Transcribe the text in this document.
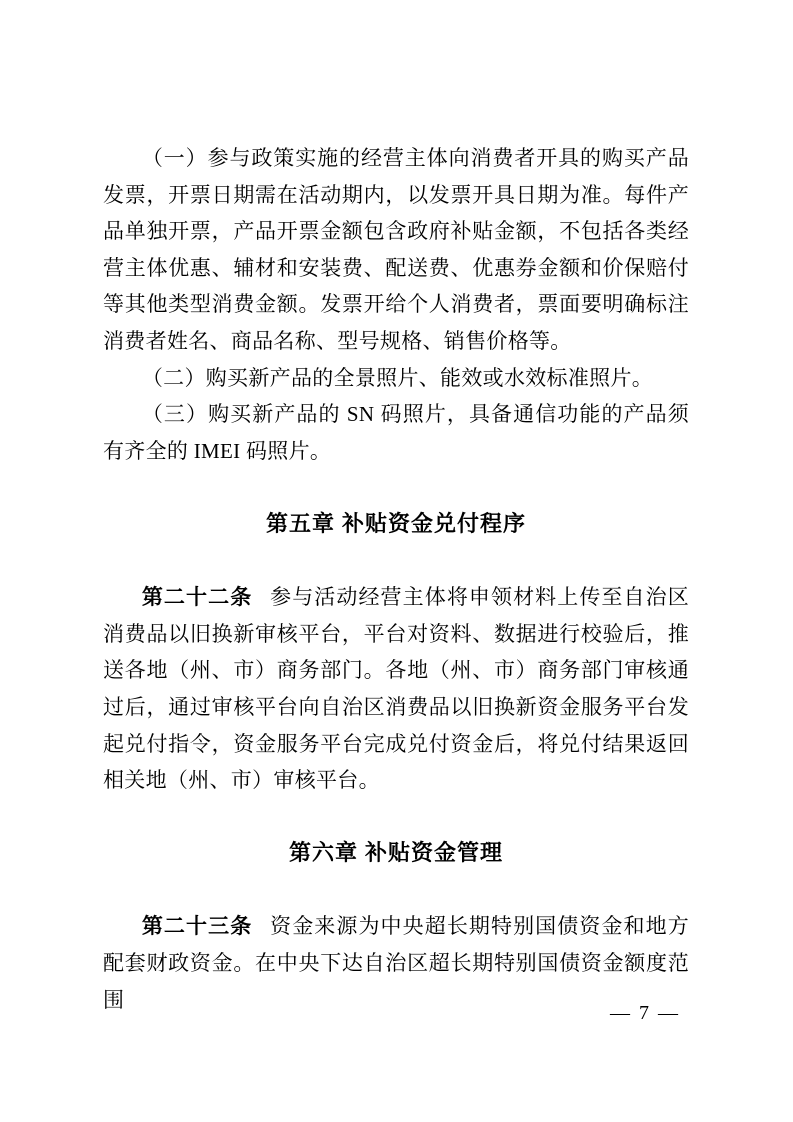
（一）参与政策实施的经营主体向消费者开具的购买产品发票，开票日期需在活动期内，以发票开具日期为准。每件产品单独开票，产品开票金额包含政府补贴金额，不包括各类经营主体优惠、辅材和安装费、配送费、优惠券金额和价保赔付等其他类型消费金额。发票开给个人消费者，票面要明确标注消费者姓名、商品名称、型号规格、销售价格等。

（二）购买新产品的全景照片、能效或水效标准照片。

（三）购买新产品的 SN 码照片，具备通信功能的产品须有齐全的 IMEI 码照片。

第五章 补贴资金兑付程序

第二十二条 参与活动经营主体将申领材料上传至自治区消费品以旧换新审核平台，平台对资料、数据进行校验后，推送各地（州、市）商务部门。各地（州、市）商务部门审核通过后，通过审核平台向自治区消费品以旧换新资金服务平台发起兑付指令，资金服务平台完成兑付资金后，将兑付结果返回相关地（州、市）审核平台。

第六章 补贴资金管理

第二十三条 资金来源为中央超长期特别国债资金和地方配套财政资金。在中央下达自治区超长期特别国债资金额度范围

— 7 —
